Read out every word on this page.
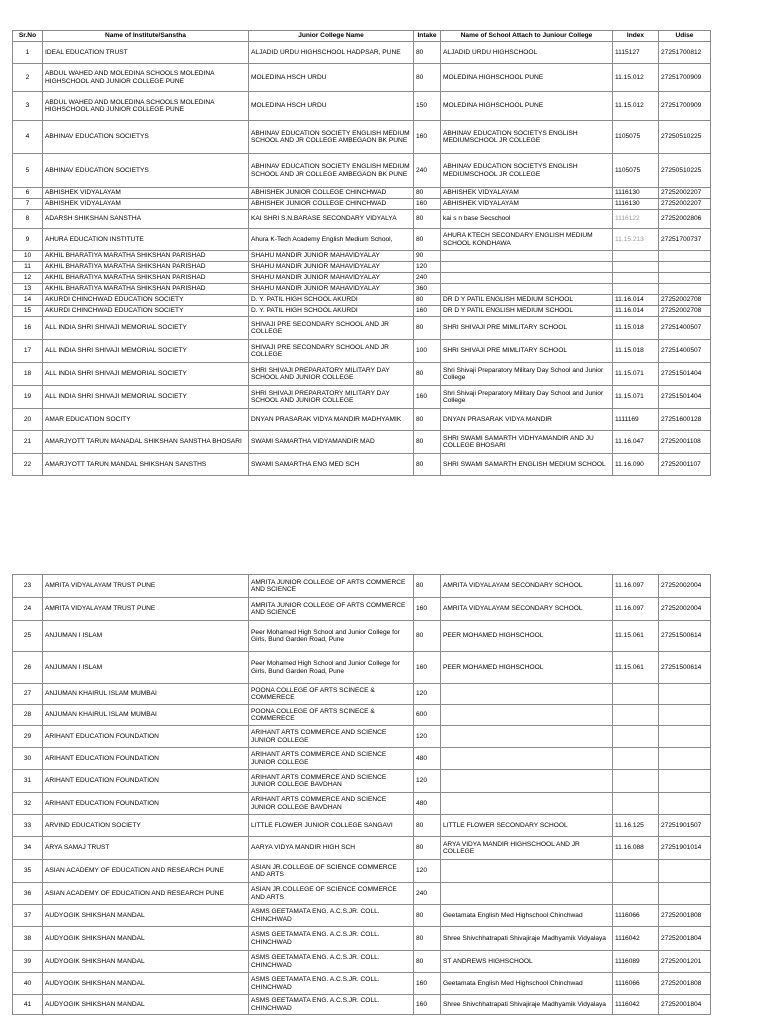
Sr.No	Name of Institute/Sanstha	Junior College Name	Intake	Name of School Attach to Juniour College	Index	Udise
1	IDEAL EDUCATION TRUST	ALJADID URDU HIGHSCHOOL HADPSAR, PUNE	80	ALJADID URDU HIGHSCHOOL	1115127	27251700812
2	ABDUL WAHED AND MOLEDINA SCHOOLS MOLEDINA HIGHSCHOOL AND JUNIOR COLLEGE PUNE	MOLEDINA HSCH URDU	80	MOLEDINA HIGHSCHOOL PUNE	11.15.012	27251700909
3	ABDUL WAHED AND MOLEDINA SCHOOLS MOLEDINA HIGHSCHOOL AND JUNIOR COLLEGE PUNE	MOLEDINA HSCH URDU	150	MOLEDINA HIGHSCHOOL PUNE	11.15.012	27251700909
4	ABHINAV EDUCATION SOCIETYS	ABHINAV EDUCATION SOCIETY ENGLISH MEDIUM SCHOOL AND JR COLLEGE AMBEGAON BK PUNE	160	ABHINAV EDUCATION SOCIETYS ENGLISH MEDIUMSCHOOL JR COLLEGE	1105075	27250510225
5	ABHINAV EDUCATION SOCIETYS	ABHINAV EDUCATION SOCIETY ENGLISH MEDIUM SCHOOL AND JR COLLEGE AMBEGAON BK PUNE	240	ABHINAV EDUCATION SOCIETYS ENGLISH MEDIUMSCHOOL JR COLLEGE	1105075	27250510225
6	ABHISHEK VIDYALAYAM	ABHISHEK JUNIOR COLLEGE CHINCHWAD	80	ABHISHEK VIDYALAYAM	1116130	27252002207
7	ABHISHEK VIDYALAYAM	ABHISHEK JUNIOR COLLEGE CHINCHWAD	160	ABHISHEK VIDYALAYAM	1116130	27252002207
8	ADARSH SHIKSHAN SANSTHA	KAI SHRI S.N.BARASE SECONDARY VIDYALYA	80	kai s n base Secschool	1116122	27252002806
9	AHURA EDUCATION INSTITUTE	Ahura K-Tech Academy English Medium School,	80	AHURA KTECH SECONDARY ENGLISH MEDIUM SCHOOL KONDHAWA	11.15.213	27251700737
10	AKHIL BHARATIYA MARATHA SHIKSHAN PARISHAD	SHAHU MANDIR JUNIOR MAHAVIDYALAY	90			
11	AKHIL BHARATIYA MARATHA SHIKSHAN PARISHAD	SHAHU MANDIR JUNIOR MAHAVIDYALAY	120			
12	AKHIL BHARATIYA MARATHA SHIKSHAN PARISHAD	SHAHU MANDIR JUNIOR MAHAVIDYALAY	240			
13	AKHIL BHARATIYA MARATHA SHIKSHAN PARISHAD	SHAHU MANDIR JUNIOR MAHAVIDYALAY	360			
14	AKURDI CHINCHWAD EDUCATION SOCIETY	D. Y. PATIL HIGH SCHOOL AKURDI	80	DR D Y PATIL ENGLISH MEDIUM SCHOOL	11.16.014	27252002708
15	AKURDI CHINCHWAD EDUCATION SOCIETY	D. Y. PATIL HIGH SCHOOL AKURDI	160	DR D Y PATIL ENGLISH MEDIUM SCHOOL	11.16.014	27252002708
16	ALL INDIA SHRI SHIVAJI MEMORIAL SOCIETY	SHIVAJI PRE SECONDARY SCHOOL AND JR COLLEGE	80	SHRI SHIVAJI PRE MIMLITARY SCHOOL	11.15.018	27251400507
17	ALL INDIA SHRI SHIVAJI MEMORIAL SOCIETY	SHIVAJI PRE SECONDARY SCHOOL AND JR COLLEGE	100	SHRI SHIVAJI PRE MIMLITARY SCHOOL	11.15.018	27251400507
18	ALL INDIA SHRI SHIVAJI MEMORIAL SOCIETY	SHRI SHIVAJI PREPARATORY MILITARY DAY SCHOOL AND JUNIOR COLLEGE	80	Shri Shivaji Preparatory Military Day School and Junior College	11.15.071	27251501404
19	ALL INDIA SHRI SHIVAJI MEMORIAL SOCIETY	SHRI SHIVAJI PREPARATORY MILITARY DAY SCHOOL AND JUNIOR COLLEGE	160	Shri Shivaji Preparatory Military Day School and Junior College	11.15.071	27251501404
20	AMAR EDUCATION SOCITY	DNYAN PRASARAK VIDYA MANDIR MADHYAMIK	80	DNYAN PRASARAK VIDYA MANDIR	1111169	27251600128
21	AMARJYOTT TARUN MANADAL SHIKSHAN SANSTHA BHOSARI	SWAMI SAMARTHA VIDYAMANDIR MAD	80	SHRI SWAMI SAMARTH VIDHYAMANDIR AND JU COLLEGE BHOSARI	11.16.047	27252001108
22	AMARJYOTT TARUN MANDAL SHIKSHAN SANSTHS	SWAMI SAMARTHA ENG MED SCH	80	SHRI SWAMI SAMARTH ENGLISH MEDIUM SCHOOL	11.16.090	27252001107
23	AMRITA VIDYALAYAM TRUST PUNE	AMRITA JUNIOR COLLEGE OF ARTS COMMERCE AND SCIENCE	80	AMRITA VIDYALAYAM SECONDARY SCHOOL	11.16.097	27252002004
24	AMRITA VIDYALAYAM TRUST PUNE	AMRITA JUNIOR COLLEGE OF ARTS COMMERCE AND SCIENCE	160	AMRITA VIDYALAYAM SECONDARY SCHOOL	11.16.097	27252002004
25	ANJUMAN I ISLAM	Peer Mohamed High School and Junior College for Girls, Bund Garden Road, Pune	80	PEER MOHAMED HIGHSCHOOL	11.15.061	27251500614
26	ANJUMAN I ISLAM	Peer Mohamed High School and Junior College for Girls, Bund Garden Road, Pune	160	PEER MOHAMED HIGHSCHOOL	11.15.061	27251500614
27	ANJUMAN KHAIRUL ISLAM MUMBAI	POONA COLLEGE OF ARTS SCINECE & COMMERECE	120			
28	ANJUMAN KHAIRUL ISLAM MUMBAI	POONA COLLEGE OF ARTS SCINECE & COMMERECE	600			
29	ARIHANT EDUCATION FOUNDATION	ARIHANT ARTS COMMERCE AND SCIENCE JUNIOR COLLEGE	120			
30	ARIHANT EDUCATION FOUNDATION	ARIHANT ARTS COMMERCE AND SCIENCE JUNIOR COLLEGE	480			
31	ARIHANT EDUCATION FOUNDATION	ARIHANT ARTS COMMERCE AND SCIENCE JUNIOR COLLEGE BAVDHAN	120			
32	ARIHANT EDUCATION FOUNDATION	ARIHANT ARTS COMMERCE AND SCIENCE JUNIOR COLLEGE BAVDHAN	480			
33	ARVIND EDUCATION SOCIETY	LITTLE FLOWER JUNIOR COLLEGE SANGAVI	80	LITTLE FLOWER SECONDARY SCHOOL	11.16.125	27251901507
34	ARYA SAMAJ TRUST	AARYA VIDYA MANDIR HIGH SCH	80	ARYA VIDYA MANDIR HIGHSCHOOL AND JR COLLEGE	11.16.088	27251901014
35	ASIAN ACADEMY OF EDUCATION AND RESEARCH PUNE	ASIAN JR.COLLEGE OF SCIENCE COMMERCE AND ARTS	120			
36	ASIAN ACADEMY OF EDUCATION AND RESEARCH PUNE	ASIAN JR.COLLEGE OF SCIENCE COMMERCE AND ARTS	240			
37	AUDYOGIK SHIKSHAN MANDAL	ASMS GEETAMATA ENG. A.C.S.JR. COLL. CHINCHWAD	80	Geetamata English Med Highschool Chinchwad	1116066	27252001808
38	AUDYOGIK SHIKSHAN MANDAL	ASMS GEETAMATA ENG. A.C.S.JR. COLL. CHINCHWAD	80	Shree Shivchhatrapati Shivajiraje Madhyamik Vidyalaya	1116042	27252001804
39	AUDYOGIK SHIKSHAN MANDAL	ASMS GEETAMATA ENG. A.C.S.JR. COLL. CHINCHWAD	80	ST ANDREWS HIGHSCHOOL	1116089	27252001201
40	AUDYOGIK SHIKSHAN MANDAL	ASMS GEETAMATA ENG. A.C.S.JR. COLL. CHINCHWAD	160	Geetamata English Med Highschool Chinchwad	1116066	27252001808
41	AUDYOGIK SHIKSHAN MANDAL	ASMS GEETAMATA ENG. A.C.S.JR. COLL. CHINCHWAD	160	Shree Shivchhatrapati Shivajiraje Madhyamik Vidyalaya	1116042	27252001804
